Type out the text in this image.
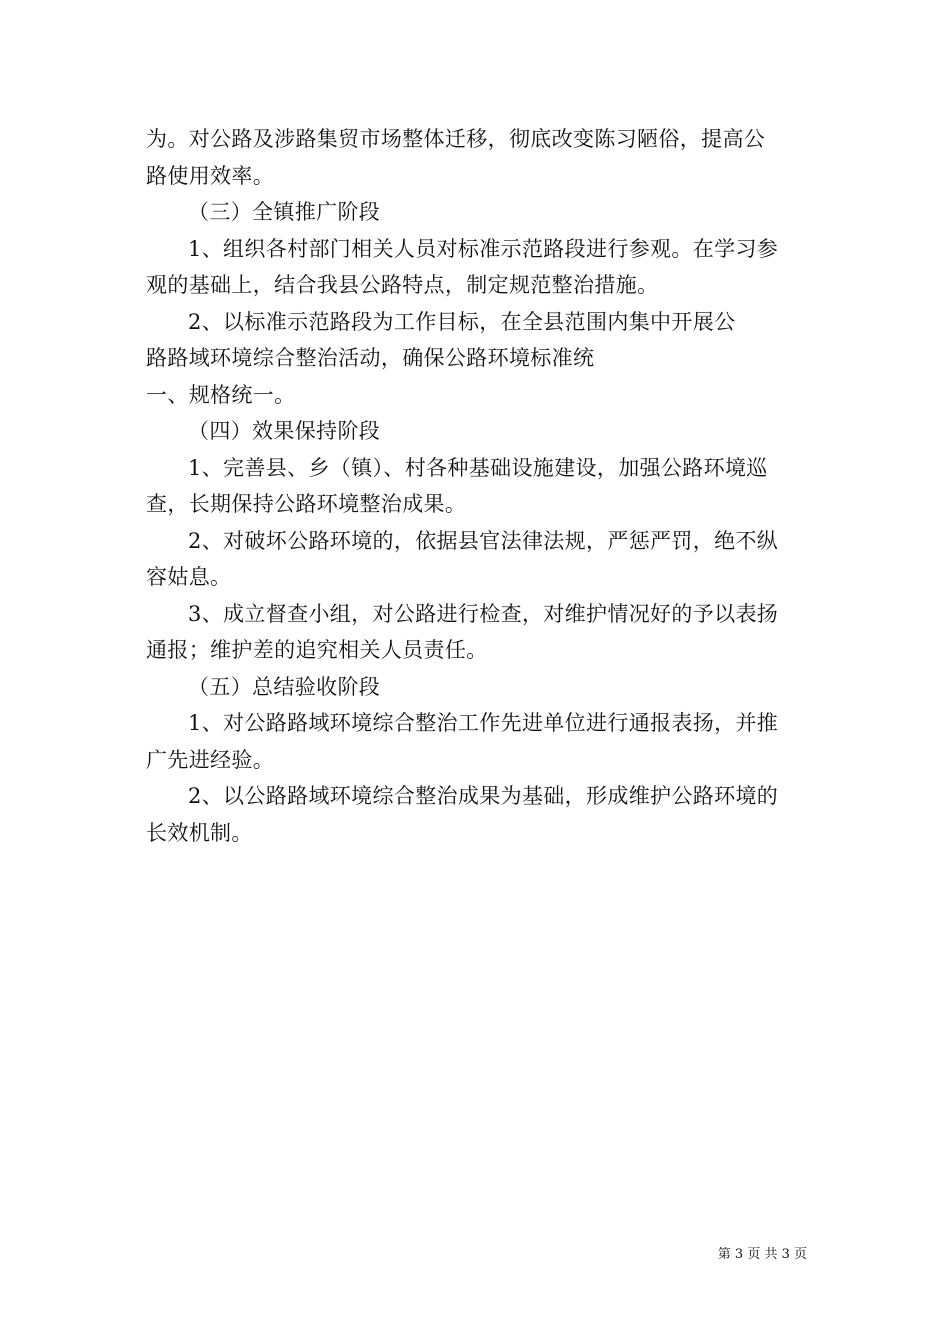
为。对公路及涉路集贸市场整体迁移，彻底改变陈习陋俗，提高公
路使用效率。
（三）全镇推广阶段
1、组织各村部门相关人员对标准示范路段进行参观。在学习参
观的基础上，结合我县公路特点，制定规范整治措施。
2、以标准示范路段为工作目标，在全县范围内集中开展公
路路域环境综合整治活动，确保公路环境标准统
一、规格统一。
（四）效果保持阶段
1、完善县、乡（镇）、村各种基础设施建设，加强公路环境巡
查，长期保持公路环境整治成果。
2、对破坏公路环境的，依据县官法律法规，严惩严罚，绝不纵
容姑息。
3、成立督查小组，对公路进行检查，对维护情况好的予以表扬
通报；维护差的追究相关人员责任。
（五）总结验收阶段
1、对公路路域环境综合整治工作先进单位进行通报表扬，并推
广先进经验。
2、以公路路域环境综合整治成果为基础，形成维护公路环境的
长效机制。
第 3 页 共 3 页
